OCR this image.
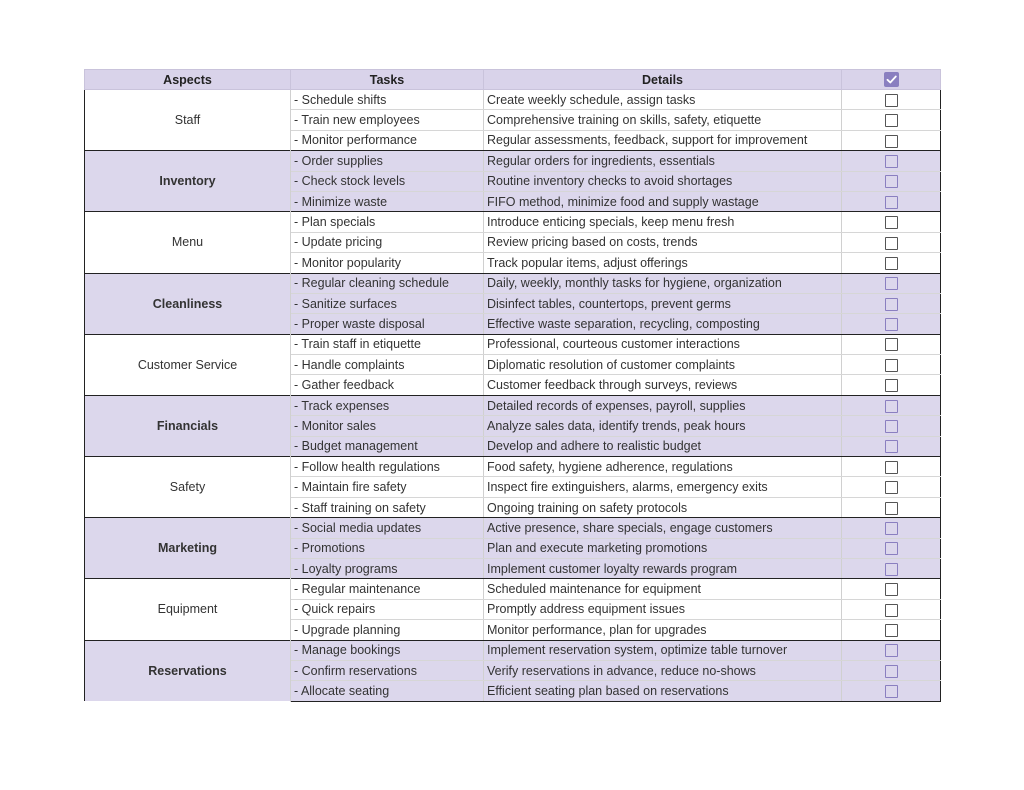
Aspects	Tasks	Details	

Staff	- Schedule shifts	Create weekly schedule, assign tasks	
	- Train new employees	Comprehensive training on skills, safety, etiquette	
	- Monitor performance	Regular assessments, feedback, support for improvement	
Inventory	- Order supplies	Regular orders for ingredients, essentials	
	- Check stock levels	Routine inventory checks to avoid shortages	
	- Minimize waste	FIFO method, minimize food and supply wastage	
Menu	- Plan specials	Introduce enticing specials, keep menu fresh	
	- Update pricing	Review pricing based on costs, trends	
	- Monitor popularity	Track popular items, adjust offerings	
Cleanliness	- Regular cleaning schedule	Daily, weekly, monthly tasks for hygiene, organization	
	- Sanitize surfaces	Disinfect tables, countertops, prevent germs	
	- Proper waste disposal	Effective waste separation, recycling, composting	
Customer Service	- Train staff in etiquette	Professional, courteous customer interactions	
	- Handle complaints	Diplomatic resolution of customer complaints	
	- Gather feedback	Customer feedback through surveys, reviews	
Financials	- Track expenses	Detailed records of expenses, payroll, supplies	
	- Monitor sales	Analyze sales data, identify trends, peak hours	
	- Budget management	Develop and adhere to realistic budget	
Safety	- Follow health regulations	Food safety, hygiene adherence, regulations	
	- Maintain fire safety	Inspect fire extinguishers, alarms, emergency exits	
	- Staff training on safety	Ongoing training on safety protocols	
Marketing	- Social media updates	Active presence, share specials, engage customers	
	- Promotions	Plan and execute marketing promotions	
	- Loyalty programs	Implement customer loyalty rewards program	
Equipment	- Regular maintenance	Scheduled maintenance for equipment	
	- Quick repairs	Promptly address equipment issues	
	- Upgrade planning	Monitor performance, plan for upgrades	
Reservations	- Manage bookings	Implement reservation system, optimize table turnover	
	- Confirm reservations	Verify reservations in advance, reduce no-shows	
	- Allocate seating	Efficient seating plan based on reservations	
